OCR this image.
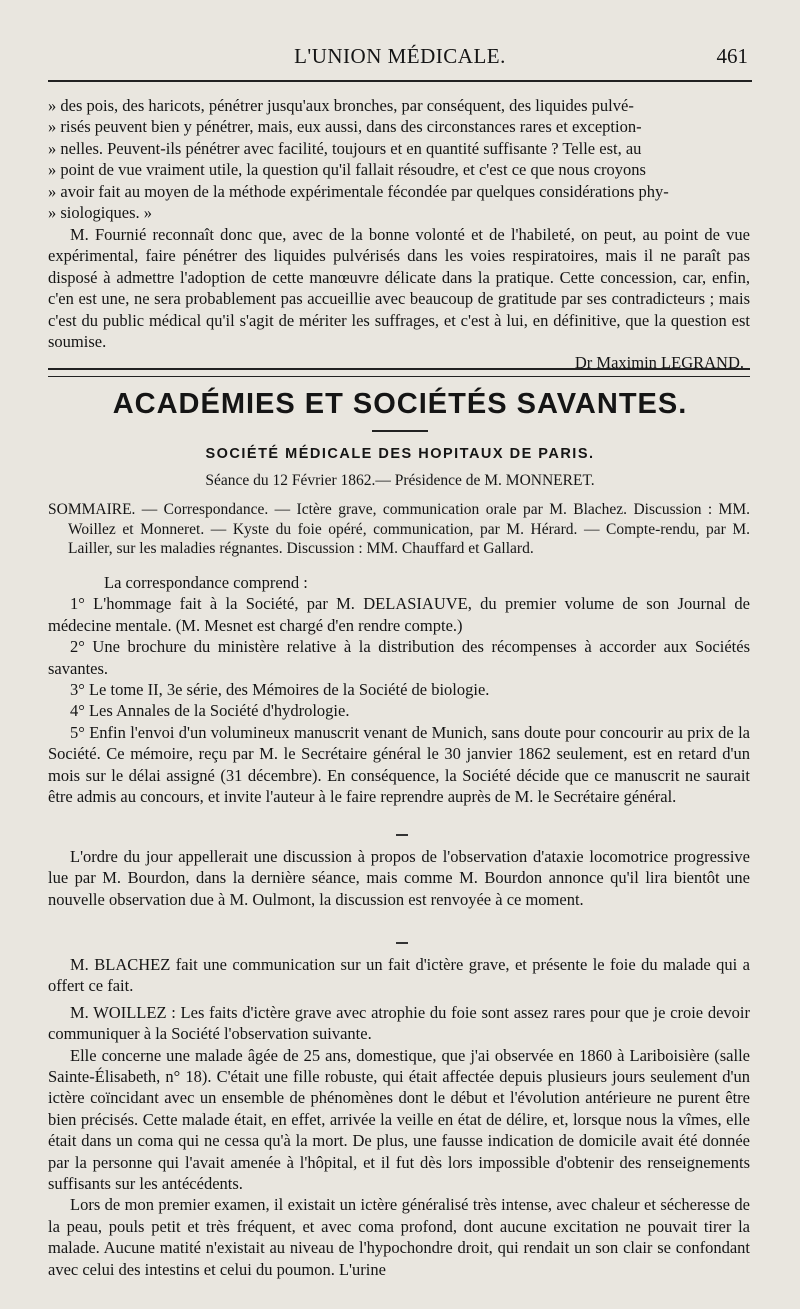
L'UNION MÉDICALE.	461

» des pois, des haricots, pénétrer jusqu'aux bronches, par conséquent, des liquides pulvé-

» risés peuvent bien y pénétrer, mais, eux aussi, dans des circonstances rares et exception-

» nelles. Peuvent-ils pénétrer avec facilité, toujours et en quantité suffisante ? Telle est, au

» point de vue vraiment utile, la question qu'il fallait résoudre, et c'est ce que nous croyons

» avoir fait au moyen de la méthode expérimentale fécondée par quelques considérations phy-

» siologiques. »

M. Fournié reconnaît donc que, avec de la bonne volonté et de l'habileté, on peut, au point de vue expérimental, faire pénétrer des liquides pulvérisés dans les voies respiratoires, mais il ne paraît pas disposé à admettre l'adoption de cette manœuvre délicate dans la pratique. Cette concession, car, enfin, c'en est une, ne sera probablement pas accueillie avec beaucoup de gratitude par ses contradicteurs ; mais c'est du public médical qu'il s'agit de mériter les suffrages, et c'est à lui, en définitive, que la question est soumise.

Dr Maximin LEGRAND.
ACADÉMIES ET SOCIÉTÉS SAVANTES.
SOCIÉTÉ MÉDICALE DES HOPITAUX DE PARIS.
Séance du 12 Février 1862.— Présidence de M. MONNERET.

SOMMAIRE. — Correspondance. — Ictère grave, communication orale par M. Blachez. Discussion : MM. Woillez et Monneret. — Kyste du foie opéré, communication, par M. Hérard. — Compte-rendu, par M. Lailler, sur les maladies régnantes. Discussion : MM. Chauffard et Gallard.

La correspondance comprend :

1° L'hommage fait à la Société, par M. DELASIAUVE, du premier volume de son Journal de médecine mentale. (M. Mesnet est chargé d'en rendre compte.)

2° Une brochure du ministère relative à la distribution des récompenses à accorder aux Sociétés savantes.

3° Le tome II, 3e série, des Mémoires de la Société de biologie.

4° Les Annales de la Société d'hydrologie.

5° Enfin l'envoi d'un volumineux manuscrit venant de Munich, sans doute pour concourir au prix de la Société. Ce mémoire, reçu par M. le Secrétaire général le 30 janvier 1862 seulement, est en retard d'un mois sur le délai assigné (31 décembre). En conséquence, la Société décide que ce manuscrit ne saurait être admis au concours, et invite l'auteur à le faire reprendre auprès de M. le Secrétaire général.

L'ordre du jour appellerait une discussion à propos de l'observation d'ataxie locomotrice progressive lue par M. Bourdon, dans la dernière séance, mais comme M. Bourdon annonce qu'il lira bientôt une nouvelle observation due à M. Oulmont, la discussion est renvoyée à ce moment.

M. BLACHEZ fait une communication sur un fait d'ictère grave, et présente le foie du malade qui a offert ce fait.

M. WOILLEZ : Les faits d'ictère grave avec atrophie du foie sont assez rares pour que je croie devoir communiquer à la Société l'observation suivante.

Elle concerne une malade âgée de 25 ans, domestique, que j'ai observée en 1860 à Lariboisière (salle Sainte-Élisabeth, n° 18). C'était une fille robuste, qui était affectée depuis plusieurs jours seulement d'un ictère coïncidant avec un ensemble de phénomènes dont le début et l'évolution antérieure ne purent être bien précisés. Cette malade était, en effet, arrivée la veille en état de délire, et, lorsque nous la vîmes, elle était dans un coma qui ne cessa qu'à la mort. De plus, une fausse indication de domicile avait été donnée par la personne qui l'avait amenée à l'hôpital, et il fut dès lors impossible d'obtenir des renseignements suffisants sur les antécédents.

Lors de mon premier examen, il existait un ictère généralisé très intense, avec chaleur et sécheresse de la peau, pouls petit et très fréquent, et avec coma profond, dont aucune excitation ne pouvait tirer la malade. Aucune matité n'existait au niveau de l'hypochondre droit, qui rendait un son clair se confondant avec celui des intestins et celui du poumon. L'urine
